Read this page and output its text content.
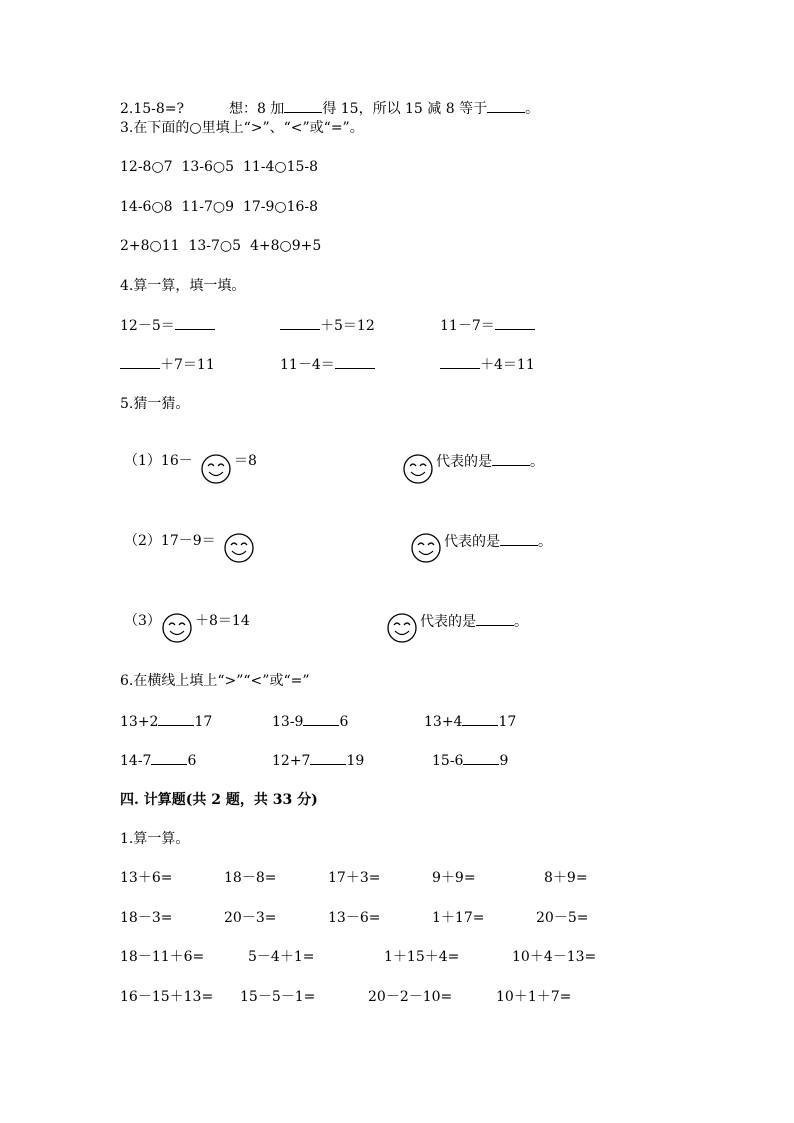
2.15-8=?	想：8 加	得 15，所以 15 减 8 等于	。
3.在下面的○里填上“>”、“<”或“=”。
12-8○7  13-6○5  11-4○15-8
14-6○8  11-7○9  17-9○16-8
2+8○11  13-7○5  4+8○9+5
4.算一算，填一填。
12－5＝	＋5＝12	11－7＝
＋7＝11	11－4＝	＋4＝11
5.猜一猜。
（1）16－	＝8	代表的是	。
（2）17－9＝	代表的是	。
（3） ＋8＝14	代表的是	。
6.在横线上填上“>”“<”或“=”
13+2	17	13-9	6	13+4	17
14-7	6	12+7	19	15-6	9
四. 计算题(共 2 题，共 33 分)
1.算一算。
13＋6=	18－8=	17＋3=	9＋9=	8＋9=
18－3=	20－3=	13－6=	1＋17=	20－5=
18－11＋6=	5－4＋1=	1＋15＋4=	10＋4－13=
16－15＋13= 15－5－1=	20－2－10=	10＋1＋7=
